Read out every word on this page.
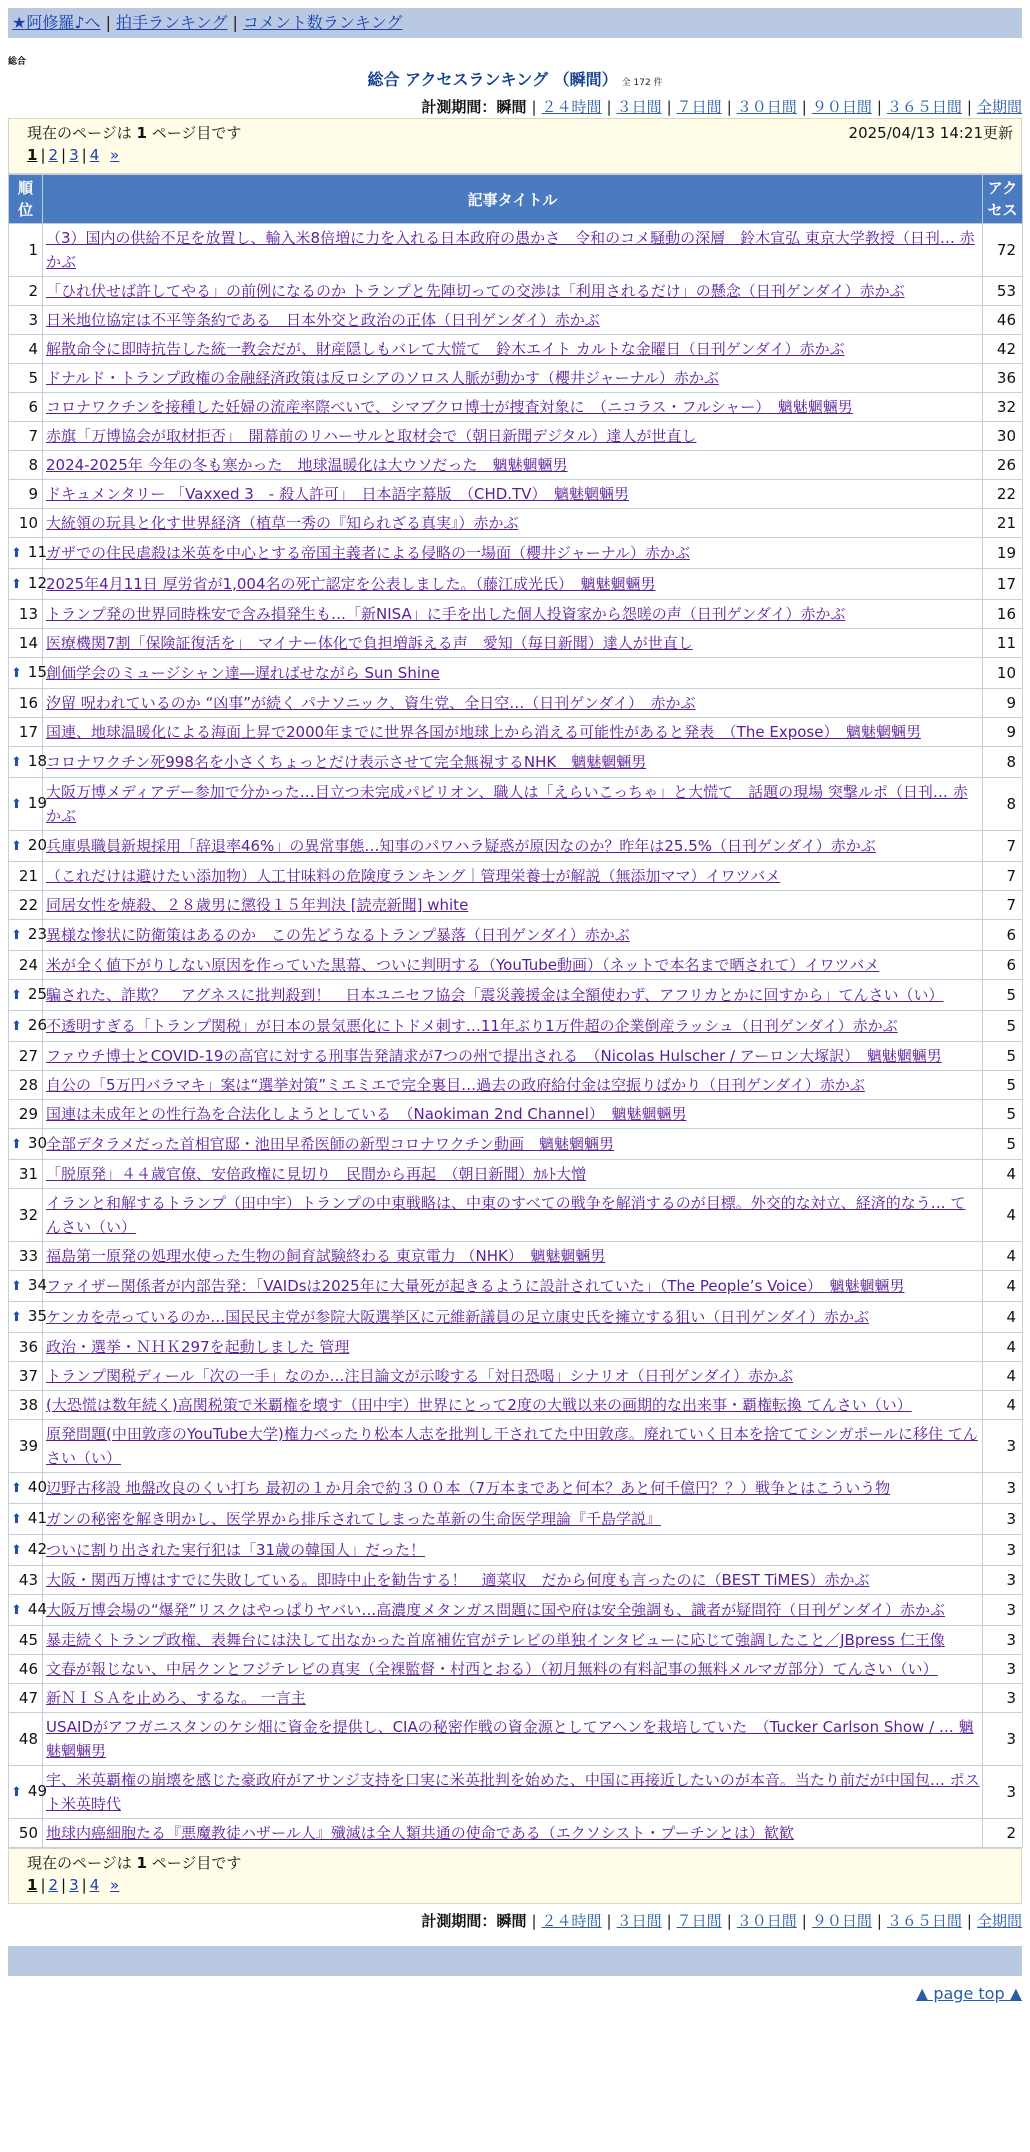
★阿修羅♪へ | 拍手ランキング | コメント数ランキング
総合
総合 アクセスランキング （瞬間） 全 172 件
計測期間：瞬間 | ２４時間 | ３日間 | ７日間 | ３０日間 | ９０日間 | ３６５日間 | 全期間
現在のページは 1 ページ目です	2025/04/13 14:21更新
1 | 2 | 3 | 4 »
順位	記事タイトル	アクセス

1	（3）国内の供給不足を放置し、輸入米8倍増に力を入れる日本政府の愚かさ　令和のコメ騒動の深層　鈴木宣弘 東京大学教授（日刊… 赤かぶ	72
2	「ひれ伏せば許してやる」の前例になるのか トランプと先陣切っての交渉は「利用されるだけ」の懸念（日刊ゲンダイ）赤かぶ	53
3	日米地位協定は不平等条約である　日本外交と政治の正体（日刊ゲンダイ）赤かぶ	46
4	解散命令に即時抗告した統一教会だが、財産隠しもバレて大慌て　鈴木エイト カルトな金曜日（日刊ゲンダイ）赤かぶ	42
5	ドナルド・トランプ政権の金融経済政策は反ロシアのソロス人脈が動かす（櫻井ジャーナル）赤かぶ	36
6	コロナワクチンを接種した妊婦の流産率際べいで、シマブクロ博士が捜査対象に　（ニコラス・フルシャー）　魑魅魍魎男	32
7	赤旗「万博協会が取材拒否」　開幕前のリハーサルと取材会で（朝日新聞デジタル）達人が世直し	30
8	2024-2025年 今年の冬も寒かった　地球温暖化は大ウソだった　魑魅魍魎男	26
9	ドキュメンタリー 「Vaxxed 3　- 殺人許可」　日本語字幕版　（CHD.TV）　魑魅魍魎男	22
10	大統領の玩具と化す世界経済（植草一秀の『知られざる真実』）赤かぶ	21
⬆ 11	ガザでの住民虐殺は米英を中心とする帝国主義者による侵略の一場面（櫻井ジャーナル）赤かぶ	19
⬆ 12	2025年4月11日 厚労省が1,004名の死亡認定を公表しました。（藤江成光氏）　魑魅魍魎男	17
13	トランプ発の世界同時株安で含み損発生も…「新NISA」に手を出した個人投資家から怨嗟の声（日刊ゲンダイ）赤かぶ	16
14	医療機関7割「保険証復活を」　マイナー体化で負担増訴える声　愛知（毎日新聞）達人が世直し	11
⬆ 15	創価学会のミュージシャン達―遅ればせながら Sun Shine	10
16	汐留 呪われているのか “凶事”が続く パナソニック、資生党、全日空…（日刊ゲンダイ）　赤かぶ	9
17	国連、地球温暖化による海面上昇で2000年までに世界各国が地球上から消える可能性があると発表　（The Expose）　魑魅魍魎男	9
⬆ 18	コロナワクチン死998名を小さくちょっとだけ表示させて完全無視するNHK　魑魅魍魎男	8
⬆ 19	大阪万博メディアデー参加で分かった…目立つ未完成パビリオン、職人は「えらいこっちゃ」と大慌て　話題の現場 突撃ルポ（日刊… 赤かぶ	8
⬆ 20	兵庫県職員新規採用「辞退率46%」の異常事態…知事のパワハラ疑惑が原因なのか？昨年は25.5%（日刊ゲンダイ）赤かぶ	7
21	（これだけは避けたい添加物）人工甘味料の危険度ランキング｜管理栄養士が解説（無添加ママ）イワツバメ	7
22	同居女性を焼殺、２８歳男に懲役１５年判決 [読売新聞] white	7
⬆ 23	異様な惨状に防衛策はあるのか　この先どうなるトランプ暴落（日刊ゲンダイ）赤かぶ	6
24	米が全く値下がりしない原因を作っていた黒幕、ついに判明する（YouTube動画）（ネットで本名まで晒されて）イワツバメ	6
⬆ 25	騙された、詐欺？　アグネスに批判殺到！　日本ユニセフ協会「震災義援金は全額使わず、アフリカとかに回すから」てんさい（い）	5
⬆ 26	不透明すぎる「トランプ関税」が日本の景気悪化にトドメ刺す…11年ぶり1万件超の企業倒産ラッシュ（日刊ゲンダイ）赤かぶ	5
27	ファウチ博士とCOVID-19の高官に対する刑事告発請求が7つの州で提出される　（Nicolas Hulscher / アーロン大塚訳）　魑魅魍魎男	5
28	自公の「5万円バラマキ」案は“選挙対策”ミエミエで完全裏目…過去の政府給付金は空振りばかり（日刊ゲンダイ）赤かぶ	5
29	国連は未成年との性行為を合法化しようとしている　（Naokiman 2nd Channel）　魑魅魍魎男	5
⬆ 30	全部デタラメだった首相官邸・池田早希医師の新型コロナワクチン動画　魑魅魍魎男	5
31	「脱原発」４４歳官僚、安倍政権に見切り　民間から再起　（朝日新聞）ｶﾙﾄ大憎	4
32	イランと和解するトランプ（田中宇）トランプの中東戦略は、中東のすべての戦争を解消するのが目標。外交的な対立、経済的なう… てんさい（い）	4
33	福島第一原発の処理水使った生物の飼育試験終わる 東京電力 （NHK）　魑魅魍魎男	4
⬆ 34	ファイザー関係者が内部告発：「VAIDsは2025年に大量死が起きるように設計されていた」（The People’s Voice）　魑魅魍魎男	4
⬆ 35	ケンカを売っているのか…国民民主党が参院大阪選挙区に元維新議員の足立康史氏を擁立する狙い（日刊ゲンダイ）赤かぶ	4
36	政治・選挙・ＮＨＫ297を起動しました 管理	4
37	トランプ関税ディール「次の一手」なのか…注目論文が示唆する「対日恐喝」シナリオ（日刊ゲンダイ）赤かぶ	4
38	(大恐慌は数年続く)高関税策で米覇権を壊す（田中宇）世界にとって2度の大戦以来の画期的な出来事・覇権転換 てんさい（い）	4
39	原発問題(中田敦彦のYouTube大学)権力べったり松本人志を批判し干されてた中田敦彦。廃れていく日本を捨ててシンガポールに移住 てんさい（い）	3
⬆ 40	辺野古移設 地盤改良のくい打ち 最初の１か月余で約３００本（7万本まであと何本？あと何千億円？？）戦争とはこういう物	3
⬆ 41	ガンの秘密を解き明かし、医学界から排斥されてしまった革新の生命医学理論『千島学説』	3
⬆ 42	ついに割り出された実行犯は「31歳の韓国人」だった！	3
43	大阪・関西万博はすでに失敗している。即時中止を勧告する！　適菜収　だから何度も言ったのに（BEST TiMES）赤かぶ	3
⬆ 44	大阪万博会場の“爆発”リスクはやっぱりヤバい…高濃度メタンガス問題に国や府は安全強調も、識者が疑問符（日刊ゲンダイ）赤かぶ	3
45	暴走続くトランプ政権、表舞台には決して出なかった首席補佐官がテレビの単独インタビューに応じて強調したこと／JBpress 仁王像	3
46	文春が報じない、中居クンとフジテレビの真実（全裸監督・村西とおる）（初月無料の有料記事の無料メルマガ部分）てんさい（い）	3
47	新ＮＩＳＡを止めろ、するな。 一言主	3
48	USAIDがアフガニスタンのケシ畑に資金を提供し、CIAの秘密作戦の資金源としてアヘンを栽培していた　（Tucker Carlson Show / … 魑魅魍魎男	3
⬆ 49	宇、米英覇権の崩壊を感じた豪政府がアサンジ支持を口実に米英批判を始めた、中国に再接近したいのが本音。当たり前だが中国包… ポスト米英時代	3
50	地球内癌細胞たる『悪魔教徒ハザール人』殲滅は全人類共通の使命である（エクソシスト・プーチンとは）歓歓	2
現在のページは 1 ページ目です
1 | 2 | 3 | 4 »
計測期間：瞬間 | ２４時間 | ３日間 | ７日間 | ３０日間 | ９０日間 | ３６５日間 | 全期間
▲ page top ▲
